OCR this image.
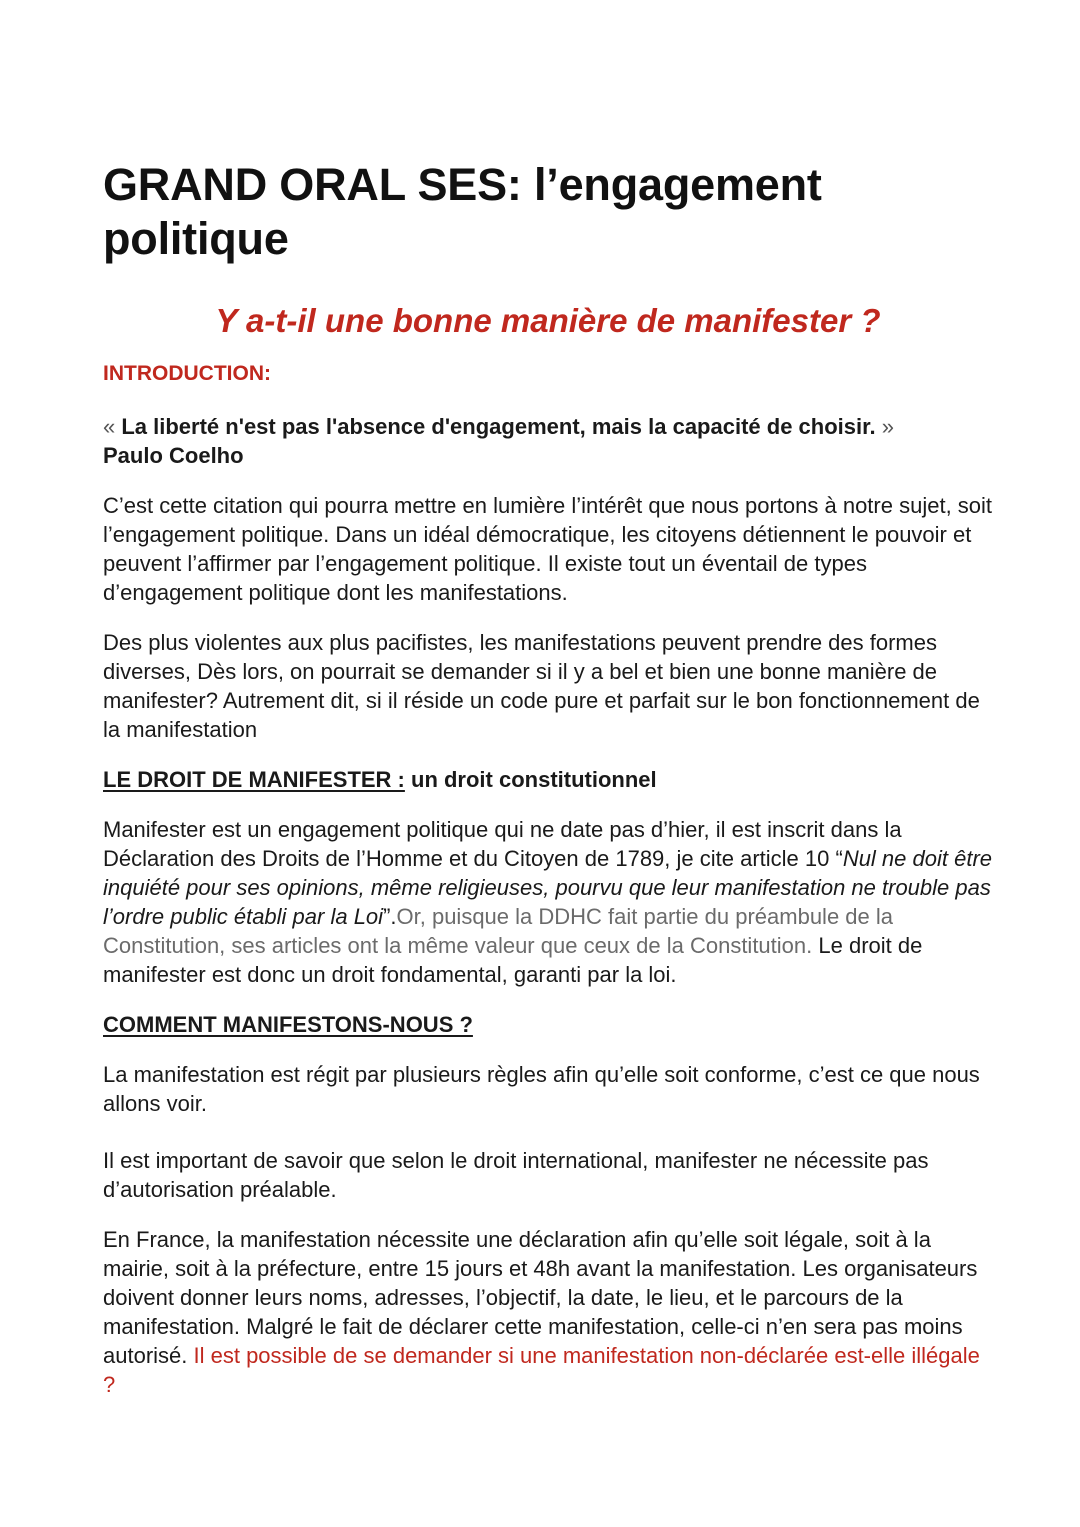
GRAND ORAL SES: l’engagement politique
Y a-t-il une bonne manière de manifester ?
INTRODUCTION:
« La liberté n'est pas l'absence d'engagement, mais la capacité de choisir. »
Paulo Coelho

C’est cette citation qui pourra mettre en lumière l’intérêt que nous portons à notre sujet, soit l’engagement politique. Dans un idéal démocratique, les citoyens détiennent le pouvoir et peuvent l’affirmer par l’engagement politique. Il existe tout un éventail de types d’engagement politique dont les manifestations.

Des plus violentes aux plus pacifistes, les manifestations peuvent prendre des formes diverses, Dès lors, on pourrait se demander si il y a bel et bien une bonne manière de manifester? Autrement dit, si il réside un code pure et parfait sur le bon fonctionnement de la manifestation

LE DROIT DE MANIFESTER : un droit constitutionnel

Manifester est un engagement politique qui ne date pas d’hier, il est inscrit dans la Déclaration des Droits de l’Homme et du Citoyen de 1789, je cite article 10 “Nul ne doit être inquiété pour ses opinions, même religieuses, pourvu que leur manifestation ne trouble pas l’ordre public établi par la Loi”.Or, puisque la DDHC fait partie du préambule de la Constitution, ses articles ont la même valeur que ceux de la Constitution. Le droit de manifester est donc un droit fondamental, garanti par la loi.

COMMENT MANIFESTONS-NOUS ?

La manifestation est régit par plusieurs règles afin qu’elle soit conforme, c’est ce que nous allons voir.

Il est important de savoir que selon le droit international, manifester ne nécessite pas d’autorisation préalable.

En France, la manifestation nécessite une déclaration afin qu’elle soit légale, soit à la mairie, soit à la préfecture, entre 15 jours et 48h avant la manifestation. Les organisateurs doivent donner leurs noms, adresses, l’objectif, la date, le lieu, et le parcours de la manifestation. Malgré le fait de déclarer cette manifestation, celle-ci n’en sera pas moins autorisé. Il est possible de se demander si une manifestation non-déclarée est-elle illégale ?
